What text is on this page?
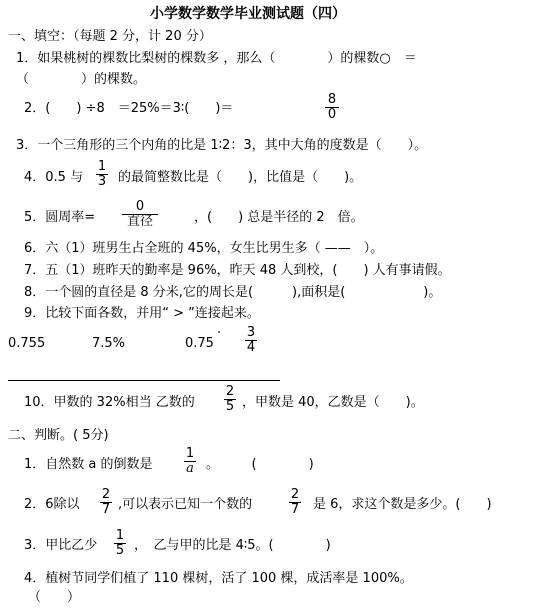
小学数学数学毕业测试题（四）
一、填空：（每题 2 分，计 20 分）
1．如果桃树的棵数比梨树的棵数多 ，那么（　　　　）的棵数○　＝
（　　　　）的棵数。
2．(　　) ÷8　＝25%＝3∶(　　)＝	$\frac{8}{0}$
3．一个三角形的三个内角的比是 1∶2：3，其中大角的度数是（　　）。
4．0.5 与 $\frac{1}{3}$ 的最简整数比是（　　)，比值是（　　)。
5．圆周率=
0
直径	，(　　) 总是半径的 2　倍。
6．六（1）班男生占全班的 45%，女生比男生多（ ——　）。
7．五（1）班昨天的勤率是 96%，昨天 48 人到校，(　　) 人有事请假。
8．一个圆的直径是 8 分米,它的周长是(　　　),面积是(　　　　　　)。
9．比较下面各数，并用“ > ”连接起来。
0.755	7.5%	0.75
· $\frac{3}{4}$
10．甲数的 32%相当 乙数的 $\frac{2}{5}$ ，甲数是 40，乙数是（　　)。
二、判断。( 5分)
1．自然数 a 的倒数是 $\frac{1}{a}$ 。　　　(　　　　)
2．6除以 $\frac{2}{7}$ ,可以表示已知一个数的	$\frac{2}{7}$ 是 6，求这个数是多少。(　　)
3．甲比乙少 $\frac{1}{5}$ ，　乙与甲的比是 4∶5。(　　　　)
4．植树节同学们植了 110 棵树，活了 100 棵，成活率是 100%。
（　　）
